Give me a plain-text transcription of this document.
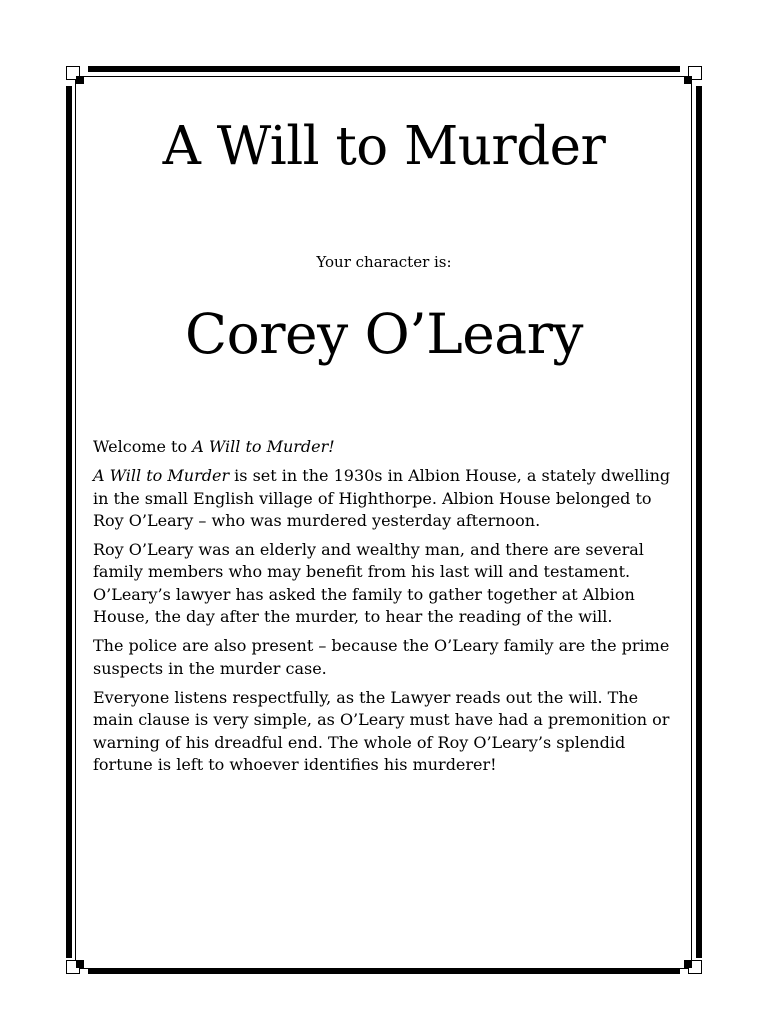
A Will to Murder
Your character is:
Corey O’Leary

Welcome to A Will to Murder!

A Will to Murder is set in the 1930s in Albion House, a stately dwelling in the small English village of Highthorpe. Albion House belonged to Roy O’Leary – who was murdered yesterday afternoon.

Roy O’Leary was an elderly and wealthy man, and there are several family members who may benefit from his last will and testament. O’Leary’s lawyer has asked the family to gather together at Albion House, the day after the murder, to hear the reading of the will.

The police are also present – because the O’Leary family are the prime suspects in the murder case.

Everyone listens respectfully, as the Lawyer reads out the will. The main clause is very simple, as O’Leary must have had a premonition or warning of his dreadful end. The whole of Roy O’Leary’s splendid fortune is left to whoever identifies his murderer!
